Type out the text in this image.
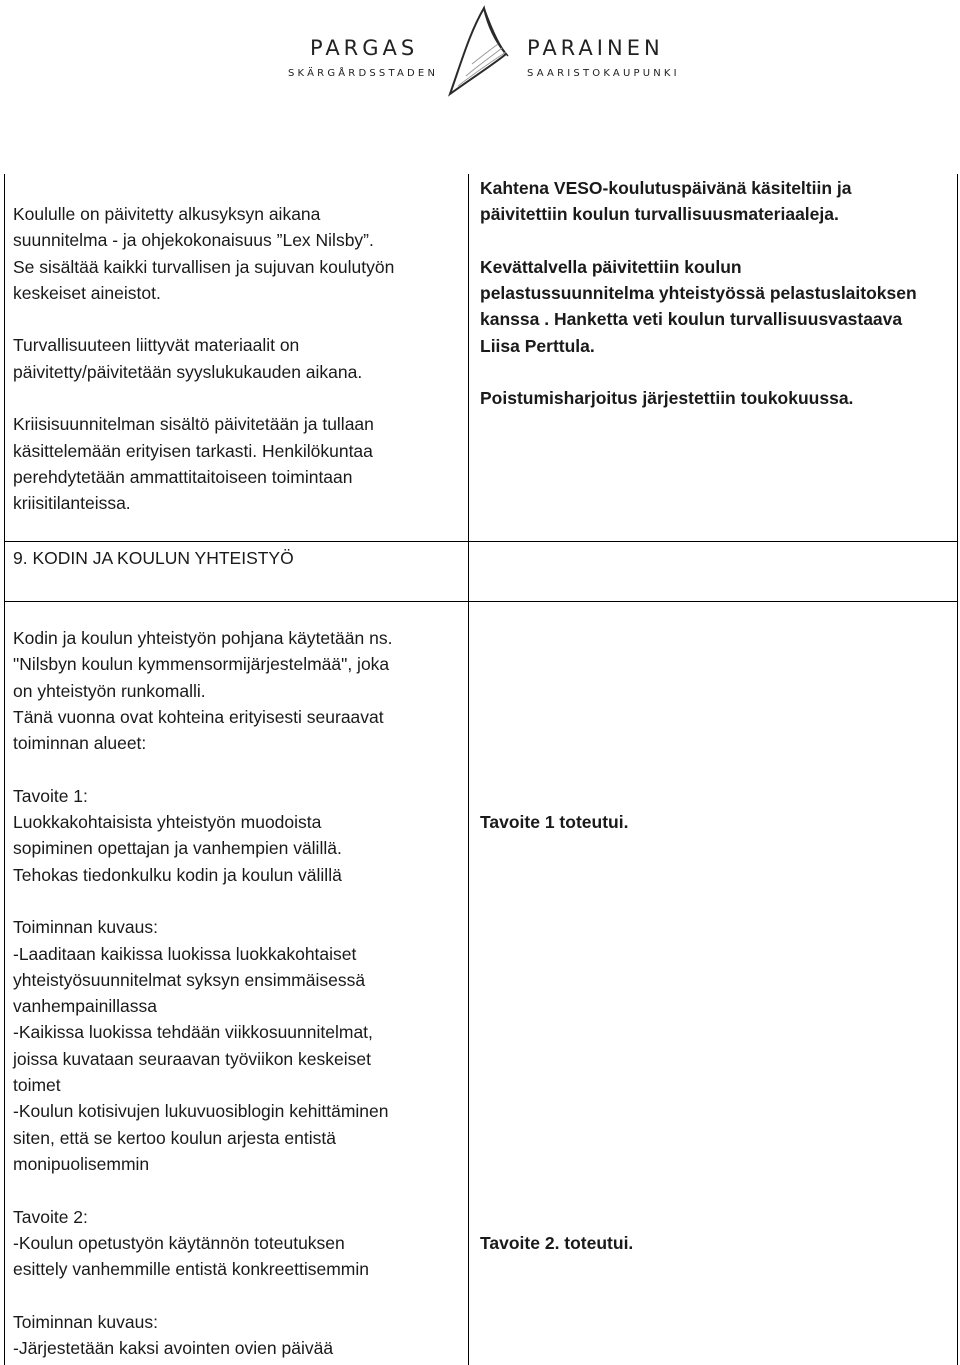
PARGAS
SKÄRGÅRDSSTADEN
PARAINEN
SAARISTOKAUPUNKI

Koululle on päivitetty alkusyksyn aikana

suunnitelma - ja ohjekokonaisuus ”Lex Nilsby”.

Se sisältää kaikki turvallisen ja sujuvan koulutyön

keskeiset aineistot.

Turvallisuuteen liittyvät materiaalit on

päivitetty/päivitetään syyslukukauden aikana.

Kriisisuunnitelman sisältö päivitetään ja tullaan

käsittelemään erityisen tarkasti. Henkilökuntaa

perehdytetään ammattitaitoiseen toimintaan

kriisitilanteissa.

Kahtena VESO-koulutuspäivänä käsiteltiin ja

päivitettiin koulun turvallisuusmateriaaleja.

Kevättalvella päivitettiin koulun

pelastussuunnitelma yhteistyössä pelastuslaitoksen

kanssa . Hanketta veti koulun turvallisuusvastaava

Liisa Perttula.

Poistumisharjoitus järjestettiin toukokuussa.

9. KODIN JA KOULUN YHTEISTYÖ

Kodin ja koulun yhteistyön pohjana käytetään ns.

"Nilsbyn koulun kymmensormijärjestelmää", joka

on yhteistyön runkomalli.

Tänä vuonna ovat kohteina erityisesti seuraavat

toiminnan alueet:

Tavoite 1:

Luokkakohtaisista yhteistyön muodoista

sopiminen opettajan ja vanhempien välillä.

Tehokas tiedonkulku kodin ja koulun välillä

Toiminnan kuvaus:

-Laaditaan kaikissa luokissa luokkakohtaiset

yhteistyösuunnitelmat syksyn ensimmäisessä

vanhempainillassa

-Kaikissa luokissa tehdään viikkosuunnitelmat,

joissa kuvataan seuraavan työviikon keskeiset

toimet

-Koulun kotisivujen lukuvuosiblogin kehittäminen

siten, että se kertoo koulun arjesta entistä

monipuolisemmin

Tavoite 2:

-Koulun opetustyön käytännön toteutuksen

esittely vanhemmille entistä konkreettisemmin

Toiminnan kuvaus:

-Järjestetään kaksi avointen ovien päivää

Tavoite 1 toteutui.

Tavoite 2. toteutui.
